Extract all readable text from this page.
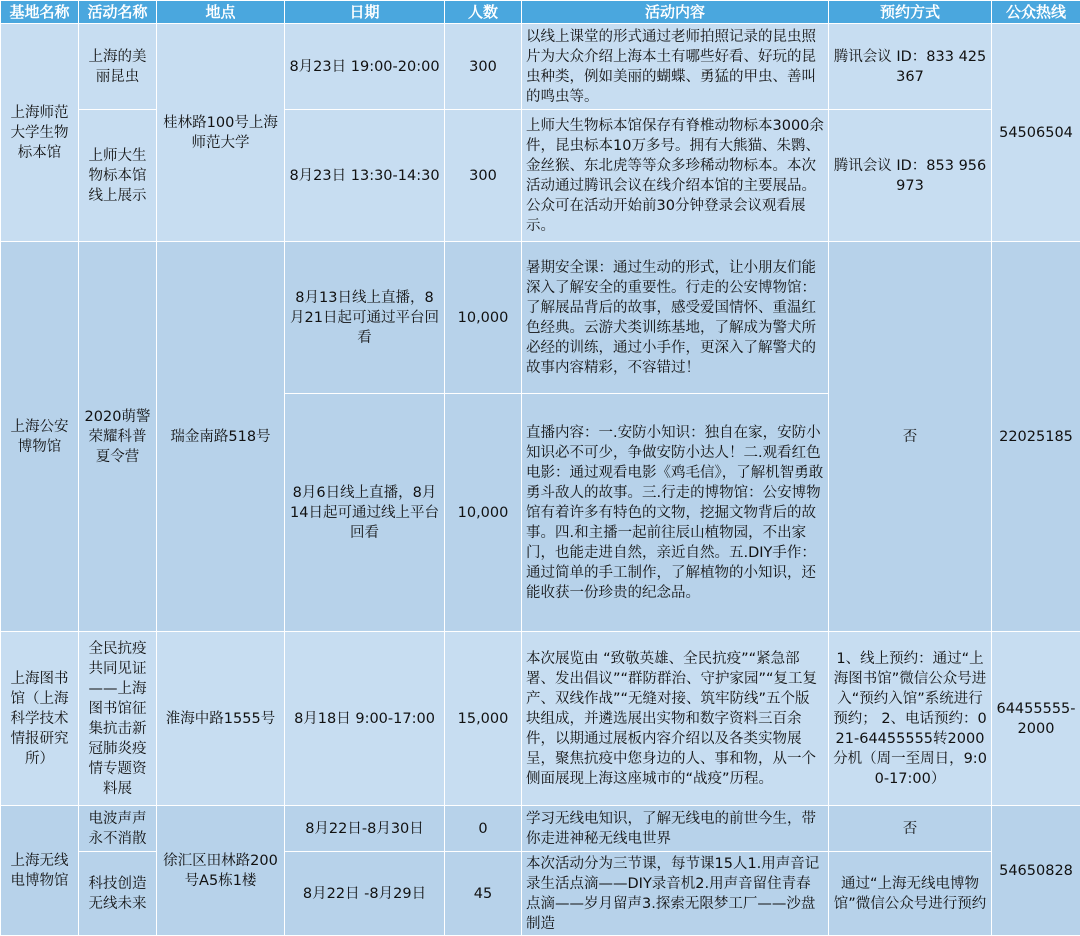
基地名称	活动名称	地点	日期	人数	活动内容	预约方式	公众热线
上海师范大学生物标本馆	上海的美丽昆虫	桂林路100号上海师范大学	8月23日 19:00-20:00	300	以线上课堂的形式通过老师拍照记录的昆虫照片为大众介绍上海本土有哪些好看、好玩的昆虫种类，例如美丽的蝴蝶、勇猛的甲虫、善叫的鸣虫等。	腾讯会议 ID：833 425 367	54506504
	上师大生物标本馆线上展示		8月23日 13:30-14:30	300	上师大生物标本馆保存有脊椎动物标本3000余件，昆虫标本10万多号。拥有大熊猫、朱鹮、金丝猴、东北虎等等众多珍稀动物标本。本次活动通过腾讯会议在线介绍本馆的主要展品。公众可在活动开始前30分钟登录会议观看展示。	腾讯会议 ID：853 956 973	
上海公安博物馆	2020萌警荣耀科普夏令营	瑞金南路518号	8月13日线上直播，8月21日起可通过平台回看	10,000	暑期安全课：通过生动的形式，让小朋友们能深入了解安全的重要性。行走的公安博物馆：了解展品背后的故事，感受爱国情怀、重温红色经典。云游犬类训练基地，了解成为警犬所必经的训练，通过小手作，更深入了解警犬的故事内容精彩，不容错过！	否	22025185
			8月6日线上直播，8月14日起可通过线上平台回看	10,000	直播内容：一.安防小知识：独自在家，安防小知识必不可少，争做安防小达人！二.观看红色电影：通过观看电影《鸡毛信》，了解机智勇敢勇斗敌人的故事。三.行走的博物馆：公安博物馆有着许多有特色的文物，挖掘文物背后的故事。四.和主播一起前往辰山植物园，不出家门，也能走进自然，亲近自然。五.DIY手作：通过简单的手工制作，了解植物的小知识，还能收获一份珍贵的纪念品。		
上海图书馆（上海科学技术情报研究所）	全民抗疫共同见证——上海图书馆征集抗击新冠肺炎疫情专题资料展	淮海中路1555号	8月18日 9:00-17:00	15,000	本次展览由 “致敬英雄、全民抗疫”“紧急部署、发出倡议”“群防群治、守护家园”“复工复产、双线作战”“无缝对接、筑牢防线”五个版块组成，并遴选展出实物和数字资料三百余件，以期通过展板内容介绍以及各类实物展呈，聚焦抗疫中您身边的人、事和物，从一个侧面展现上海这座城市的“战疫”历程。	1、线上预约：通过“上海图书馆”微信公众号进入“预约入馆”系统进行预约； 2、电话预约：021-64455555转2000分机（周一至周日，9:00-17:00）	64455555-2000
上海无线电博物馆	电波声声永不消散	徐汇区田林路200号A5栋1楼	8月22日-8月30日	0	学习无线电知识，了解无线电的前世今生，带你走进神秘无线电世界	否	54650828
	科技创造无线未来		8月22日 -8月29日	45	本次活动分为三节课，每节课15人1.用声音记录生活点滴——DIY录音机2.用声音留住青春点滴——岁月留声3.探索无限梦工厂——沙盘制造	通过“上海无线电博物馆”微信公众号进行预约	
